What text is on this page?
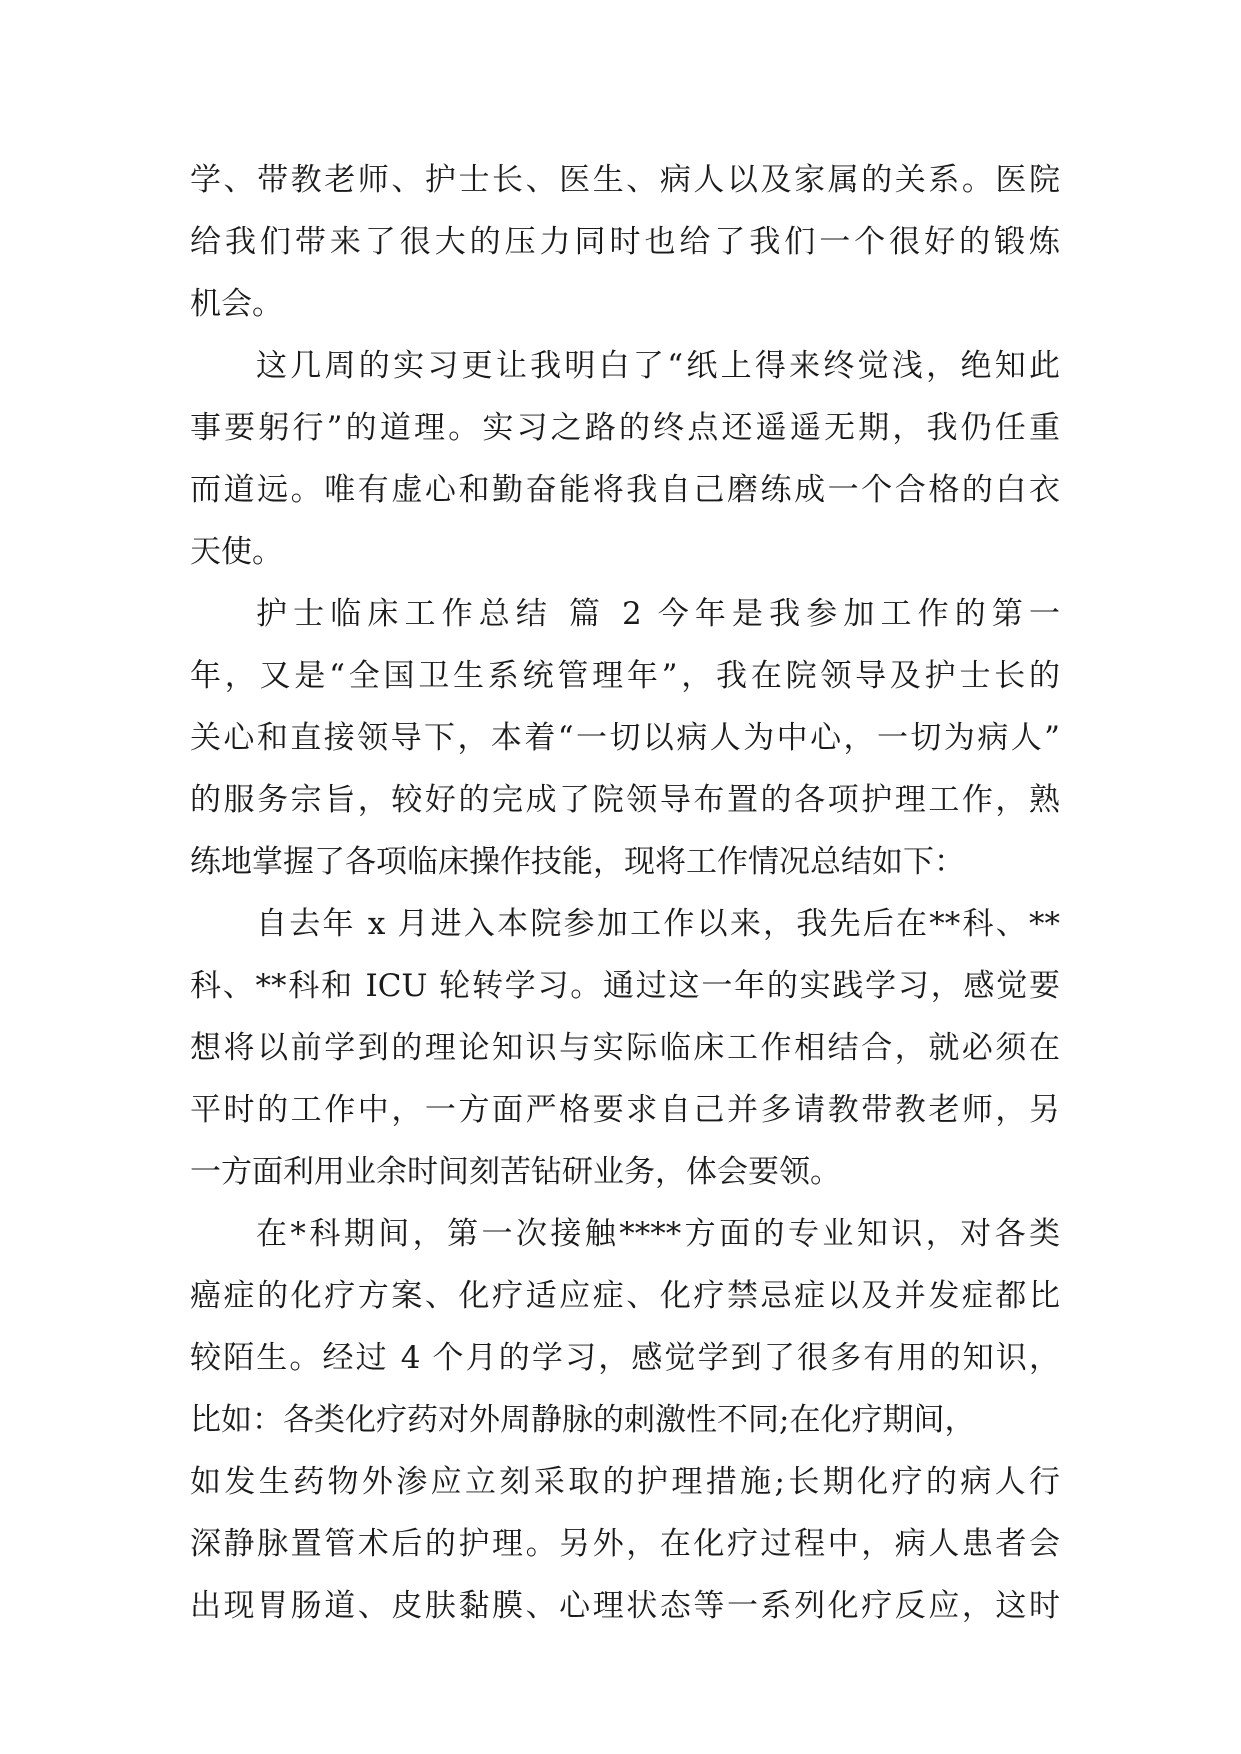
学、带教老师、护士长、医生、病人以及家属的关系。医院
给我们带来了很大的压力同时也给了我们一个很好的锻炼
机会。
这几周的实习更让我明白了“纸上得来终觉浅，绝知此
事要躬行”的道理。实习之路的终点还遥遥无期，我仍任重
而道远。唯有虚心和勤奋能将我自己磨练成一个合格的白衣
天使。
护士临床工作总结 篇 2 今年是我参加工作的第一
年，又是“全国卫生系统管理年”，我在院领导及护士长的
关心和直接领导下，本着“一切以病人为中心，一切为病人”
的服务宗旨，较好的完成了院领导布置的各项护理工作，熟
练地掌握了各项临床操作技能，现将工作情况总结如下：
自去年 x 月进入本院参加工作以来，我先后在**科、**
科、**科和 ICU 轮转学习。通过这一年的实践学习，感觉要
想将以前学到的理论知识与实际临床工作相结合，就必须在
平时的工作中，一方面严格要求自己并多请教带教老师，另
一方面利用业余时间刻苦钻研业务，体会要领。
在*科期间，第一次接触****方面的专业知识，对各类
癌症的化疗方案、化疗适应症、化疗禁忌症以及并发症都比
较陌生。经过 4 个月的学习，感觉学到了很多有用的知识，
比如：各类化疗药对外周静脉的刺激性不同;在化疗期间，
如发生药物外渗应立刻采取的护理措施;长期化疗的病人行
深静脉置管术后的护理。另外，在化疗过程中，病人患者会
出现胃肠道、皮肤黏膜、心理状态等一系列化疗反应，这时
